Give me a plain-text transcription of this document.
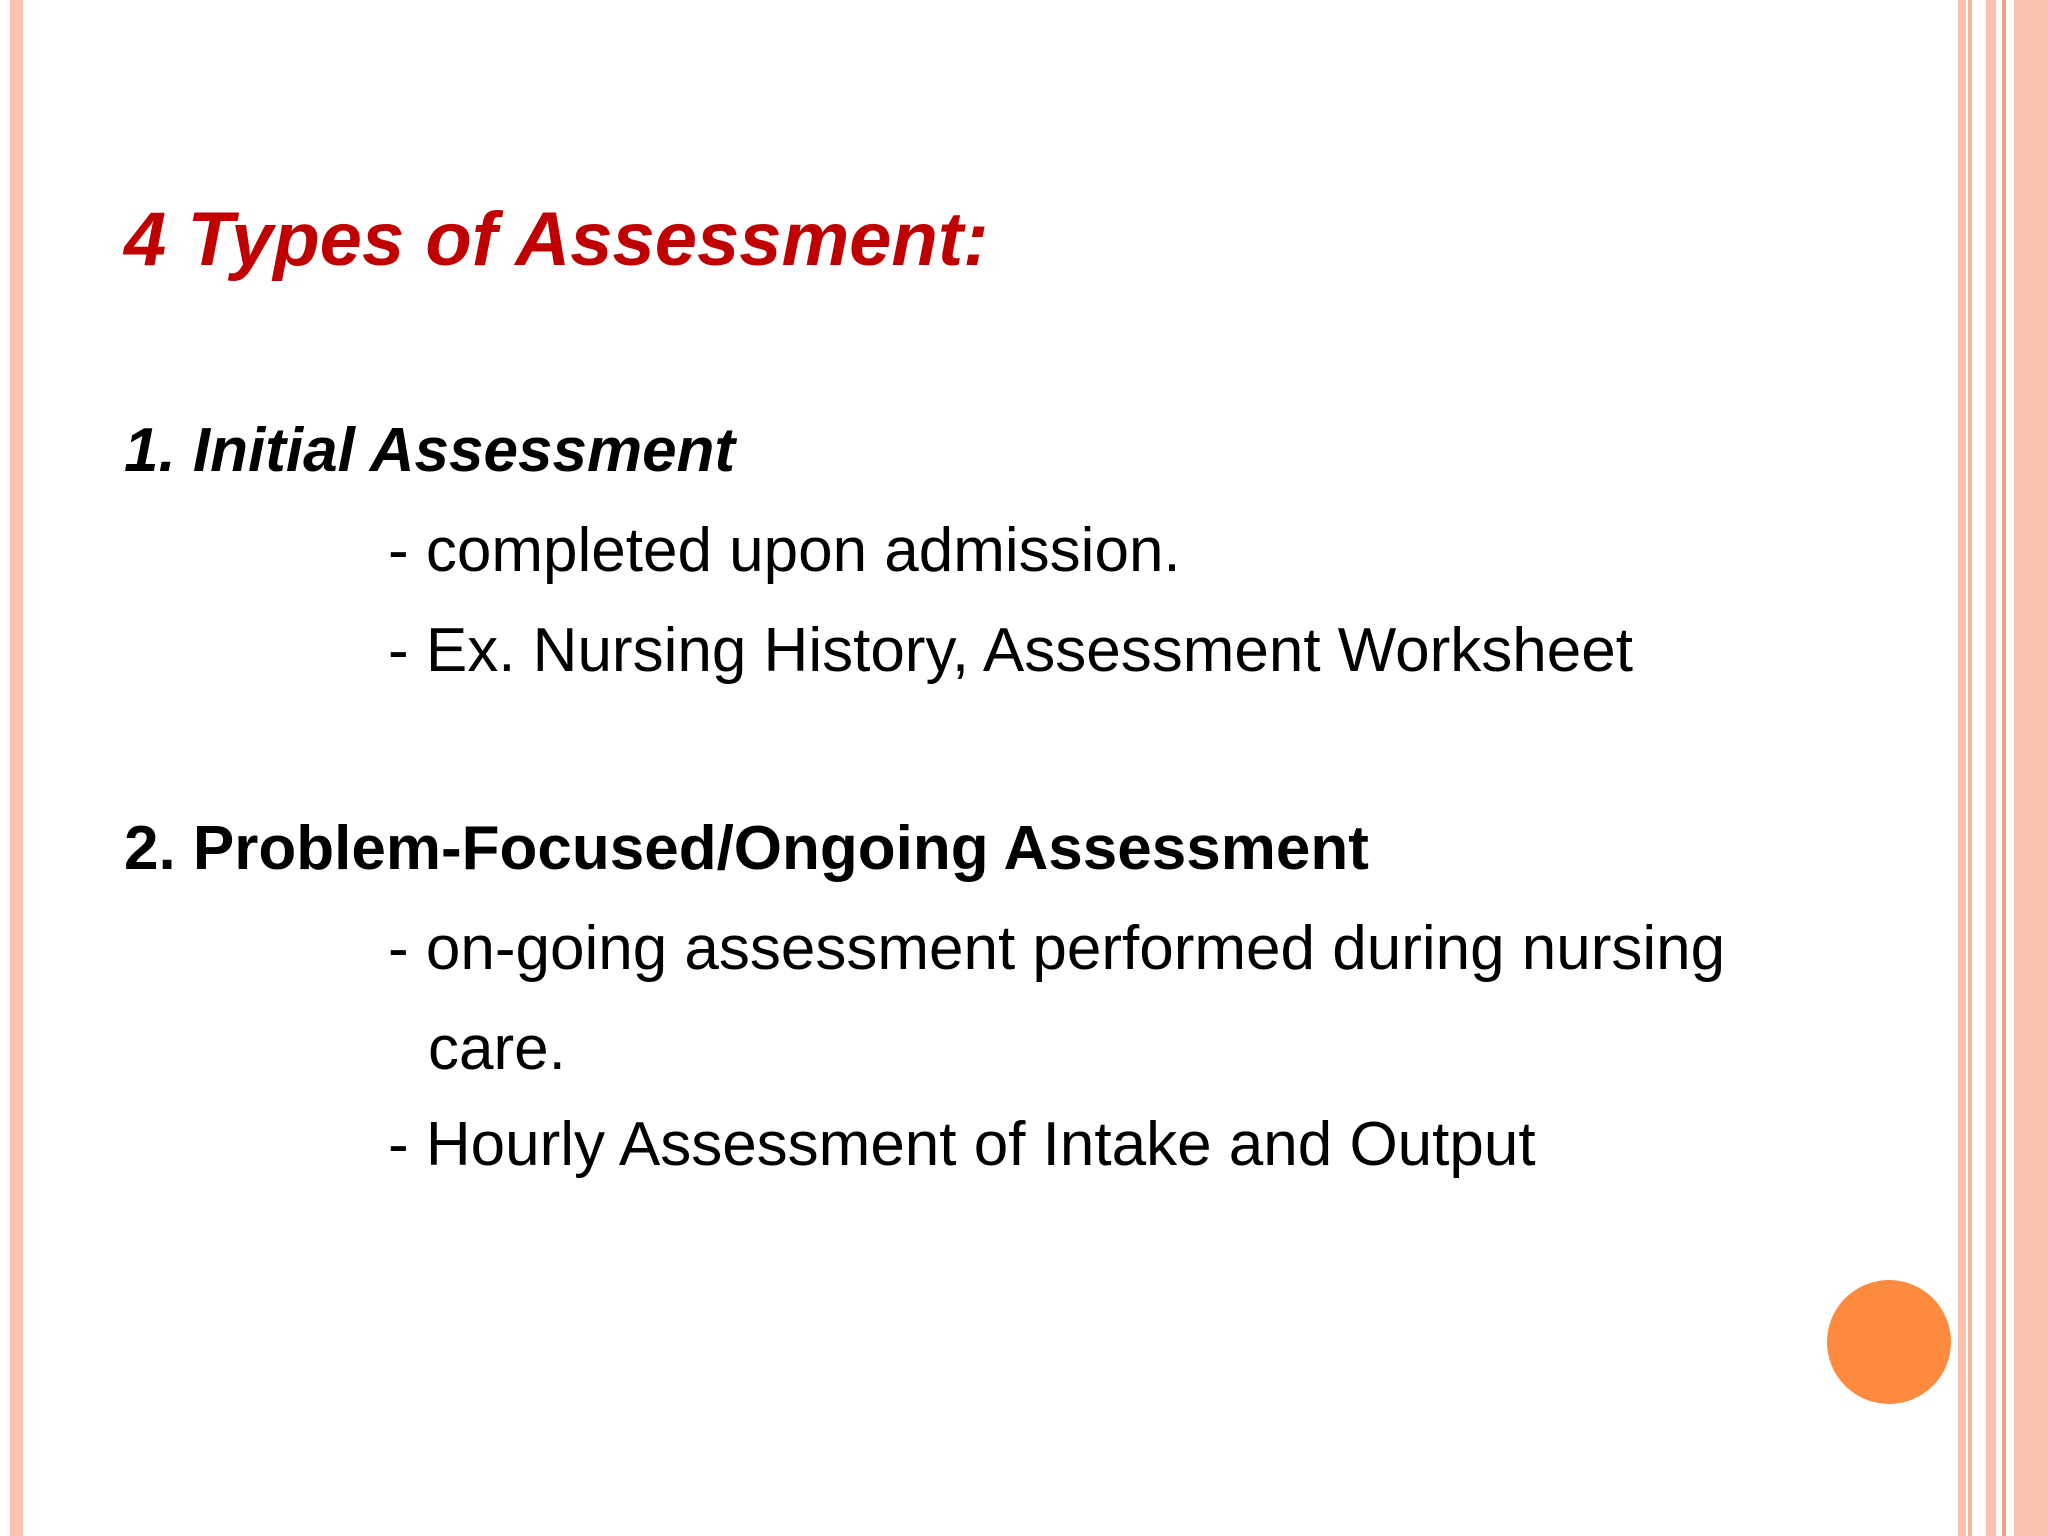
4 Types of Assessment:
1. Initial Assessment
- completed upon admission.
- Ex. Nursing History, Assessment Worksheet
2. Problem-Focused/Ongoing Assessment
- on-going assessment performed during nursing
care.
- Hourly Assessment of Intake and Output
